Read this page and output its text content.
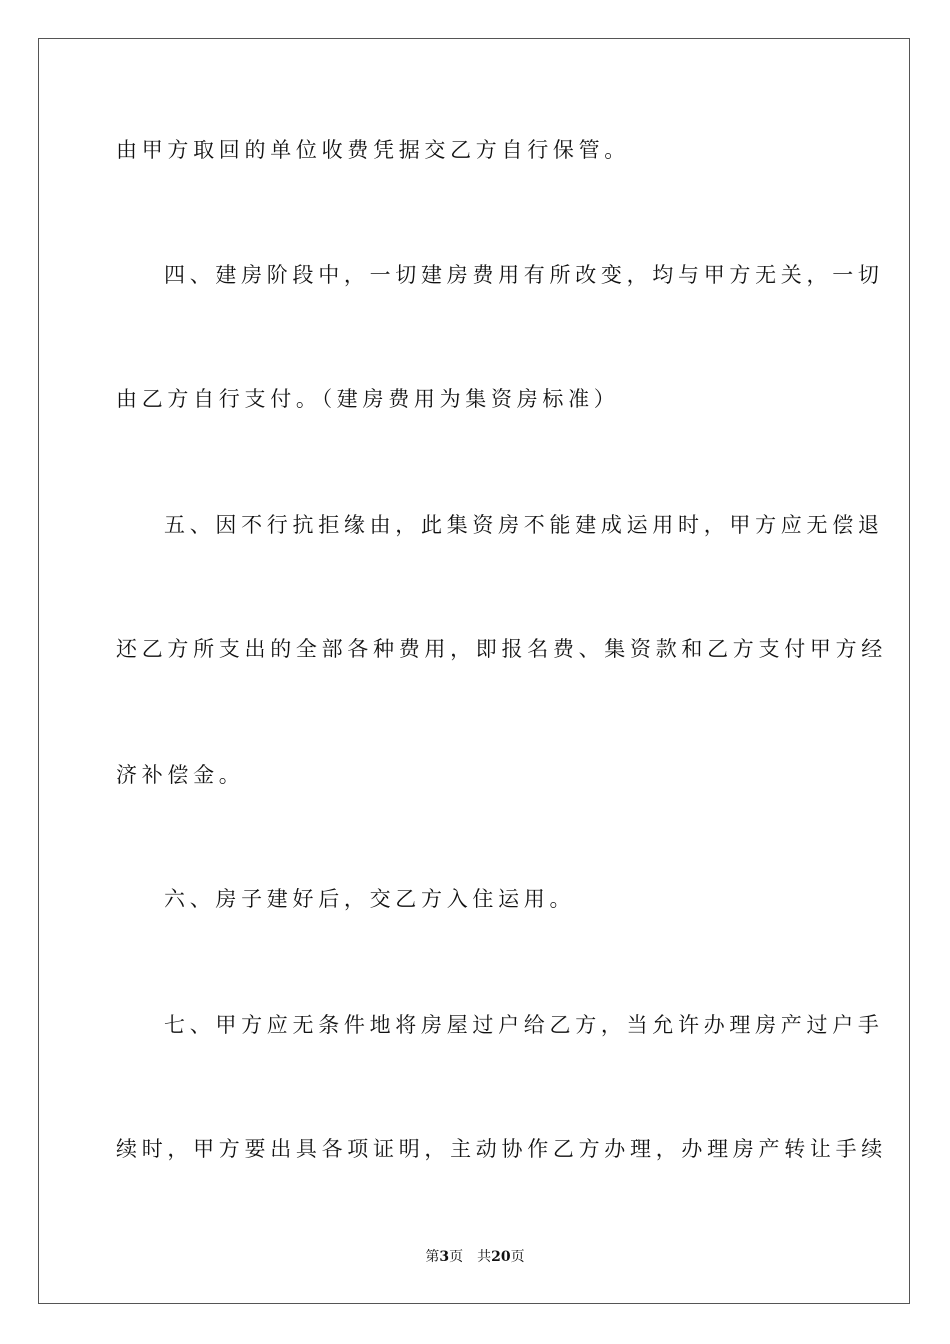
由甲方取回的单位收费凭据交乙方自行保管。
四、建房阶段中，一切建房费用有所改变，均与甲方无关，一切
由乙方自行支付。（建房费用为集资房标准）
五、因不行抗拒缘由，此集资房不能建成运用时，甲方应无偿退
还乙方所支出的全部各种费用，即报名费、集资款和乙方支付甲方经
济补偿金。
六、房子建好后，交乙方入住运用。
七、甲方应无条件地将房屋过户给乙方，当允许办理房产过户手
续时，甲方要出具各项证明，主动协作乙方办理，办理房产转让手续
第3页 共20页
